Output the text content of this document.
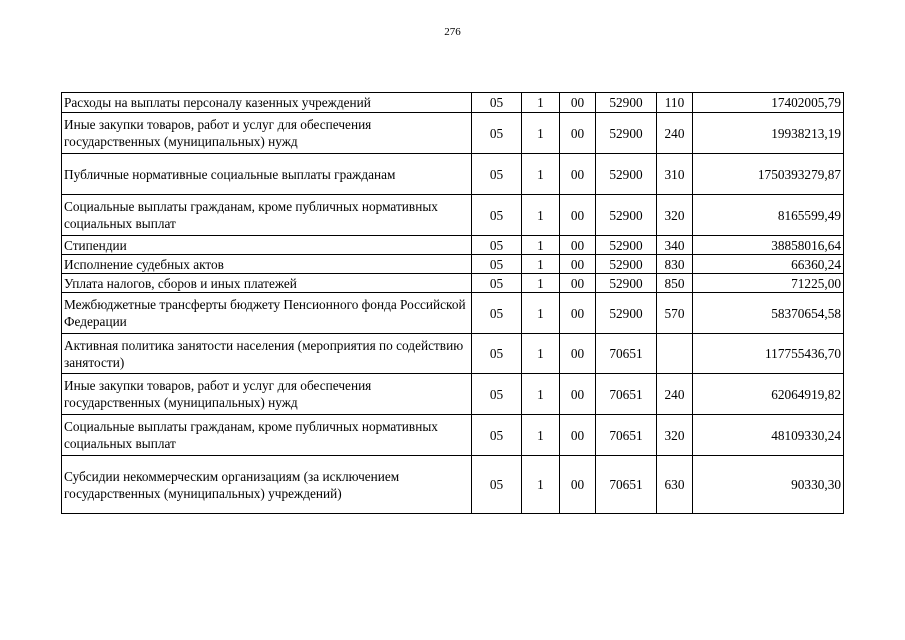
276
Расходы на выплаты персоналу казенных учреждений	05	1	00	52900	110	17402005,79
Иные закупки товаров, работ и услуг для обеспечения государственных (муниципальных) нужд	05	1	00	52900	240	19938213,19
Публичные нормативные социальные выплаты гражданам	05	1	00	52900	310	1750393279,87
Социальные выплаты гражданам, кроме публичных нормативных социальных выплат	05	1	00	52900	320	8165599,49
Стипендии	05	1	00	52900	340	38858016,64
Исполнение судебных актов	05	1	00	52900	830	66360,24
Уплата налогов, сборов и иных платежей	05	1	00	52900	850	71225,00
Межбюджетные трансферты бюджету Пенсионного фонда Российской Федерации	05	1	00	52900	570	58370654,58
Активная политика занятости населения (мероприятия по содействию занятости)	05	1	00	70651		117755436,70
Иные закупки товаров, работ и услуг для обеспечения государственных (муниципальных) нужд	05	1	00	70651	240	62064919,82
Социальные выплаты гражданам, кроме публичных нормативных социальных выплат	05	1	00	70651	320	48109330,24
Субсидии некоммерческим организациям (за исключением государственных (муниципальных) учреждений)	05	1	00	70651	630	90330,30
